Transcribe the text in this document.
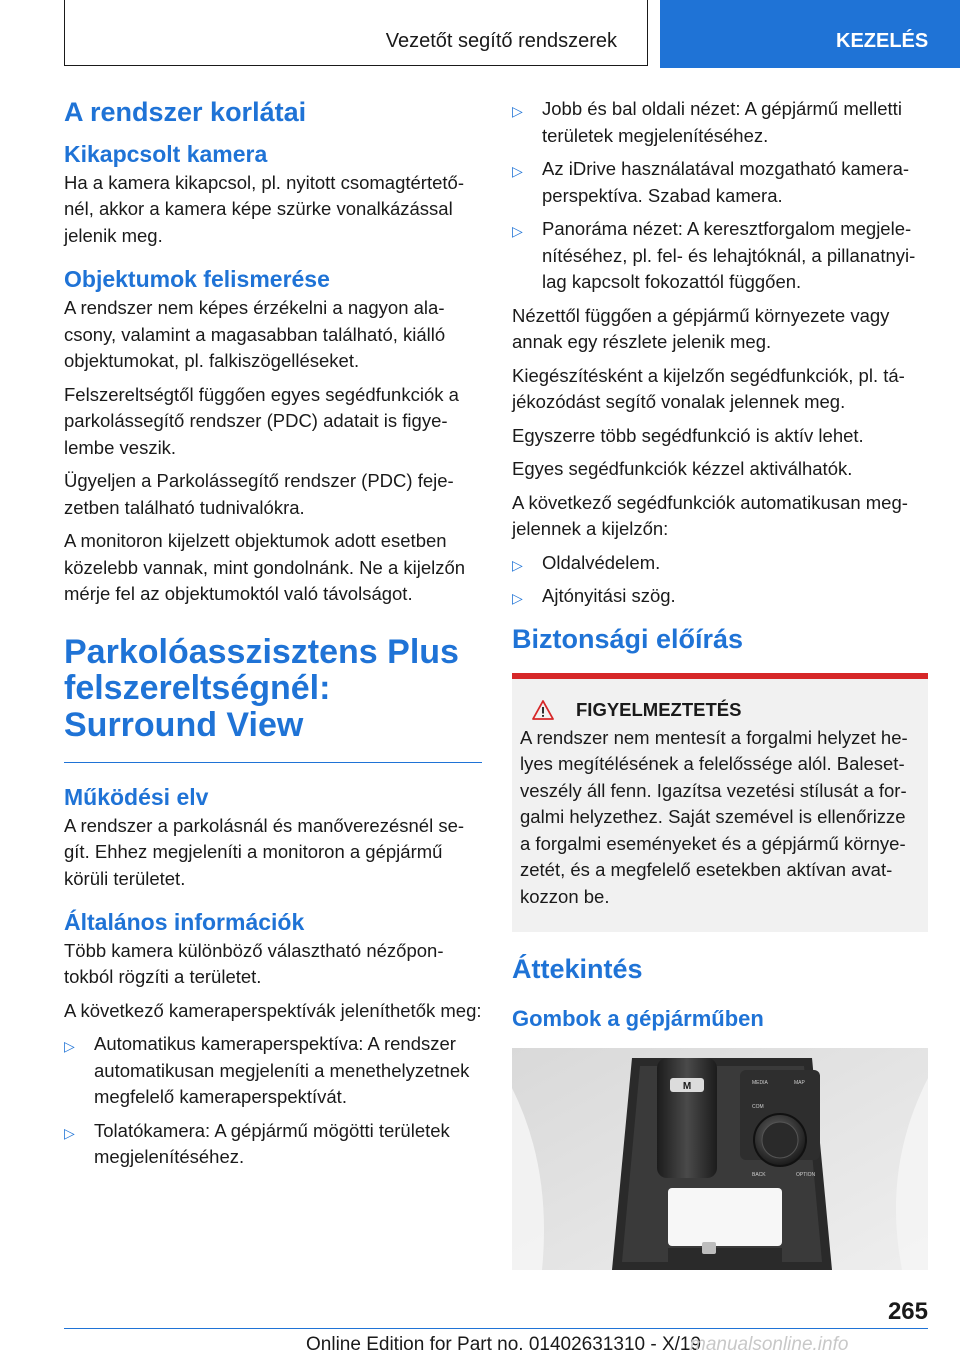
Vezetőt segítő rendszerek	KEZELÉS
A rendszer korlátai
Kikapcsolt kamera

Ha a kamera kikapcsol, pl. nyitott csomagtértetőnél, akkor a kamera képe szürke vonalkázással jelenik meg.

Objektumok felismerése

A rendszer nem képes érzékelni a nagyon alacsony, valamint a magasabban található, kiálló objektumokat, pl. falkiszögelléseket.

Felszereltségtől függően egyes segédfunkciók a parkolássegítő rendszer (PDC) adatait is figyelembe veszik.

Ügyeljen a Parkolássegítő rendszer (PDC) fejezetben található tudnivalókra.

A monitoron kijelzett objektumok adott esetben közelebb vannak, mint gondolnánk. Ne a kijelzőn mérje fel az objektumoktól való távolságot.

Parkolóasszisztens Plus felszereltségnél: Surround View
Működési elv

A rendszer a parkolásnál és manőverezésnél segít. Ehhez megjeleníti a monitoron a gépjármű körüli területet.

Általános információk

Több kamera különböző választható nézőpontokból rögzíti a területet.

A következő kameraperspektívák jeleníthetők meg:

▷ Automatikus kameraperspektíva: A rendszer automatikusan megjeleníti a menethelyzetnek megfelelő kameraperspektívát.
▷ Tolatókamera: A gépjármű mögötti területek megjelenítéséhez.
▷ Jobb és bal oldali nézet: A gépjármű melletti területek megjelenítéséhez.
▷ Az iDrive használatával mozgatható kameraperspektíva. Szabad kamera.
▷ Panoráma nézet: A keresztforgalom megjelenítéséhez, pl. fel- és lehajtóknál, a pillanatnyilag kapcsolt fokozattól függően.

Nézettől függően a gépjármű környezete vagy annak egy részlete jelenik meg.

Kiegészítésként a kijelzőn segédfunkciók, pl. tájékozódást segítő vonalak jelennek meg.

Egyszerre több segédfunkció is aktív lehet.

Egyes segédfunkciók kézzel aktiválhatók.

A következő segédfunkciók automatikusan megjelennek a kijelzőn:

▷ Oldalvédelem.
▷ Ajtónyitási szög.
Biztonsági előírás
FIGYELMEZTETÉS
A rendszer nem mentesít a forgalmi helyzet helyes megítélésének a felelőssége alól. Balesetveszély áll fenn. Igazítsa vezetési stílusát a forgalmi helyzethez. Saját szemével is ellenőrizze a forgalmi eseményeket és a gépjármű környezetét, és a megfelelő esetekben aktívan avatkozzon be.
Áttekintés
Gombok a gépjárműben
M	MEDIA	MAP
COM
BACK	OPTION
265
Online Edition for Part no. 01402631310 - X/19
manualsonline.info
